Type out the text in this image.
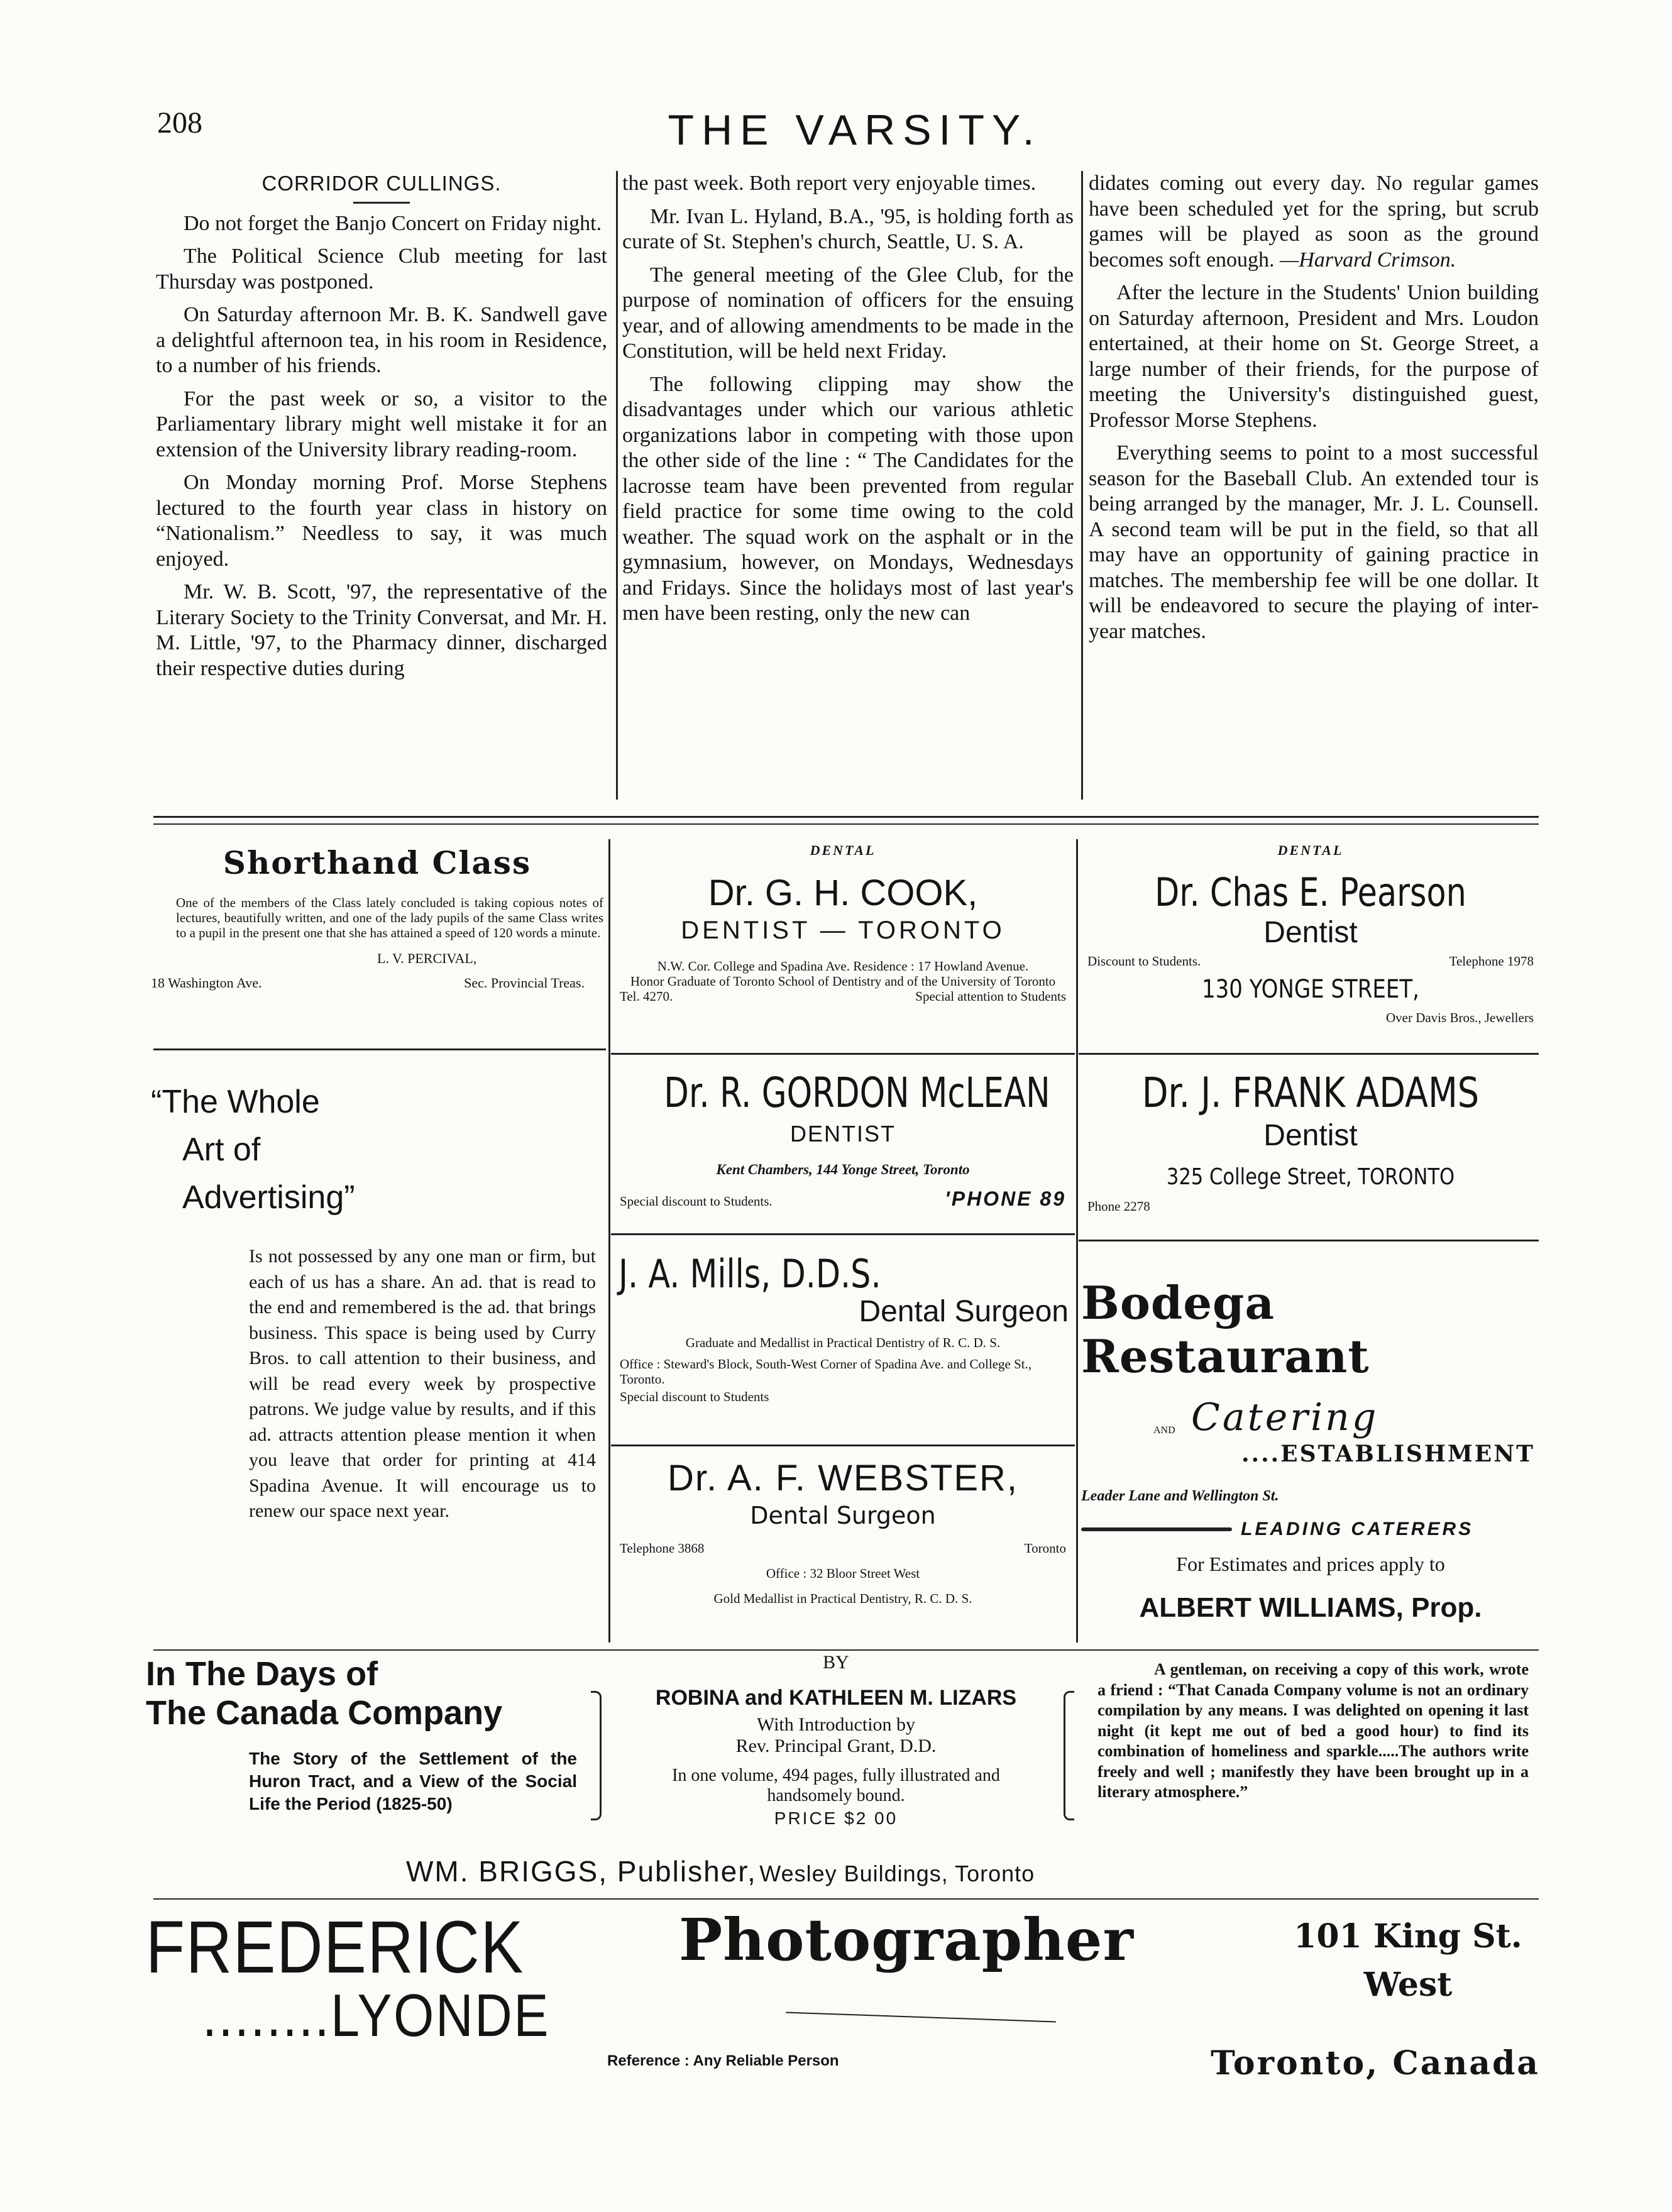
208	THE VARSITY.
CORRIDOR CULLINGS.

Do not forget the Banjo Concert on Friday night.

The Political Science Club meeting for last Thursday was postponed.

On Saturday afternoon Mr. B. K. Sandwell gave a delightful afternoon tea, in his room in Residence, to a number of his friends.

For the past week or so, a visitor to the Parliamentary library might well mistake it for an extension of the University library reading-room.

On Monday morning Prof. Morse Stephens lectured to the fourth year class in history on “Nationalism.” Needless to say, it was much enjoyed.

Mr. W. B. Scott, '97, the representative of the Literary Society to the Trinity Conversat, and Mr. H. M. Little, '97, to the Pharmacy dinner, discharged their respective duties during

the past week. Both report very enjoyable times.

Mr. Ivan L. Hyland, B.A., '95, is holding forth as curate of St. Stephen's church, Seattle, U. S. A.

The general meeting of the Glee Club, for the purpose of nomination of officers for the ensuing year, and of allowing amendments to be made in the Constitution, will be held next Friday.

The following clipping may show the disadvantages under which our various athletic organizations labor in competing with those upon the other side of the line : “ The Candidates for the lacrosse team have been prevented from regular field practice for some time owing to the cold weather. The squad work on the asphalt or in the gymnasium, however, on Mondays, Wednesdays and Fridays. Since the holidays most of last year's men have been resting, only the new can

didates coming out every day. No regular games have been scheduled yet for the spring, but scrub games will be played as soon as the ground becomes soft enough. —Harvard Crimson.

After the lecture in the Students' Union building on Saturday afternoon, President and Mrs. Loudon entertained, at their home on St. George Street, a large number of their friends, for the purpose of meeting the University's distinguished guest, Professor Morse Stephens.

Everything seems to point to a most successful season for the Baseball Club. An extended tour is being arranged by the manager, Mr. J. L. Counsell. A second team will be put in the field, so that all may have an opportunity of gaining practice in matches. The membership fee will be one dollar. It will be endeavored to secure the playing of inter-year matches.

Shorthand Class
One of the members of the Class lately concluded is taking copious notes of lectures, beautifully written, and one of the lady pupils of the same Class writes to a pupil in the present one that she has attained a speed of 120 words a minute.
L. V. PERCIVAL,
18 Washington Ave.	Sec. Provincial Treas.
“The Whole
Art of
Advertising”
Is not possessed by any one man or firm, but each of us has a share. An ad. that is read to the end and remembered is the ad. that brings business. This space is being used by Curry Bros. to call attention to their business, and will be read every week by prospective patrons. We judge value by results, and if this ad. attracts attention please mention it when you leave that order for printing at 414 Spadina Avenue. It will encourage us to renew our space next year.
DENTAL
Dr. G. H. COOK,
DENTIST — TORONTO
N.W. Cor. College and Spadina Ave. Residence : 17 Howland Avenue.
Honor Graduate of Toronto School of Dentistry and of the University of Toronto
Tel. 4270.	Special attention to Students
DENTAL
Dr. Chas E. Pearson
Dentist
Discount to Students.	Telephone 1978
130 YONGE STREET,
Over Davis Bros., Jewellers
Dr. R. GORDON McLEAN
DENTIST
Kent Chambers, 144 Yonge Street, Toronto
Special discount to Students.	'PHONE 89
Dr. J. FRANK ADAMS
Dentist
325 College Street, TORONTO
Phone 2278
J. A. Mills, D.D.S.
Dental Surgeon
Graduate and Medallist in Practical Dentistry of R. C. D. S.
Office : Steward's Block, South-West Corner of Spadina Ave. and College St., Toronto.
Special discount to Students
Bodega Restaurant
AND Catering
....ESTABLISHMENT
Leader Lane and Wellington St.
LEADING CATERERS
For Estimates and prices apply to
ALBERT WILLIAMS, Prop.
Dr. A. F. WEBSTER,
Dental Surgeon
Telephone 3868	Toronto
Office : 32 Bloor Street West
Gold Medallist in Practical Dentistry, R. C. D. S.
In The Days of
The Canada Company
The Story of the Settlement of the Huron Tract, and a View of the Social Life the Period (1825-50)
BY
ROBINA and KATHLEEN M. LIZARS
With Introduction by
Rev. Principal Grant, D.D.
In one volume, 494 pages, fully illustrated and handsomely bound.
PRICE $2 00
A gentleman, on receiving a copy of this work, wrote a friend : “That Canada Company volume is not an ordinary compilation by any means. I was delighted on opening it last night (it kept me out of bed a good hour) to find its combination of homeliness and sparkle.....The authors write freely and well ; manifestly they have been brought up in a literary atmosphere.”
WM. BRIGGS, Publisher, Wesley Buildings, Toronto
FREDERICK
........LYONDE
Photographer
Reference : Any Reliable Person
101 King St.
West
Toronto, Canada
